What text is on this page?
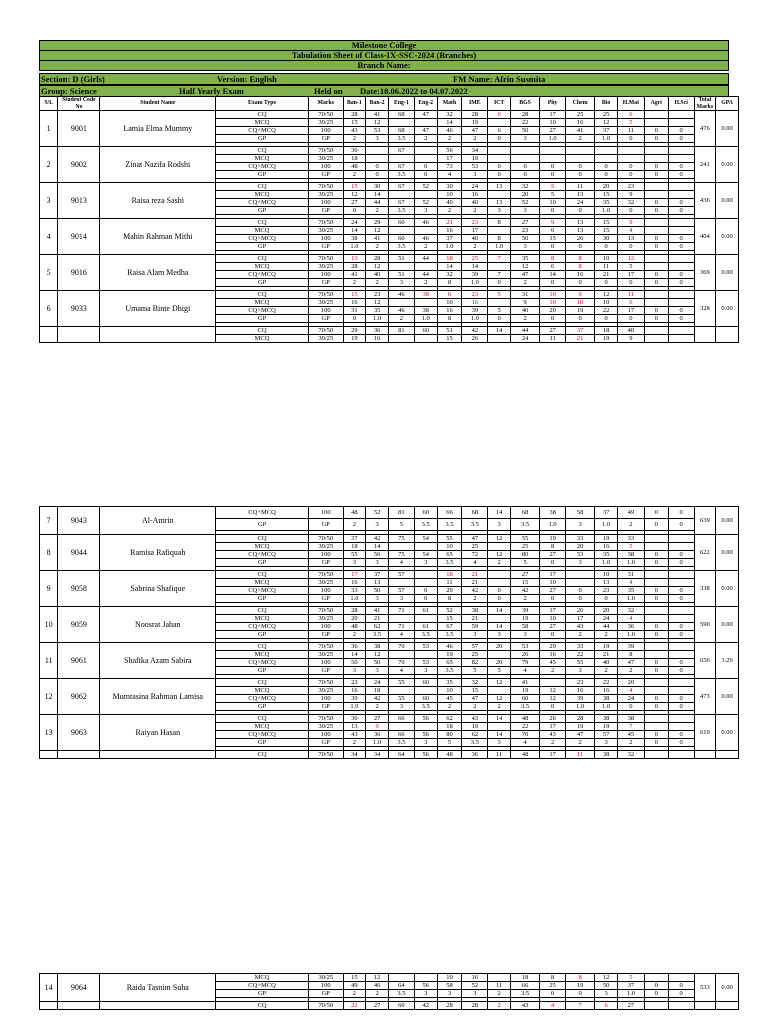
Milestone College
Tabulation Sheet of Class-IX-SSC-2024 (Branches)
Branch Name:
Section: D (Girls)	Version: English	FM Name: Afrin Susmita
Group: Science	Half Yearly Exam	Held on	Date:18.06.2022 to 04.07.2022
S/L	Student Code No	Student Name	Exam Type	Marks	Ban-1	Ban-2	Eng-1	Eng-2	Math	IME	ICT	BGS	Phy	Chem	Bio	H.Mat	Agri	H.Sci	Total Marks	GPA
1	9001	Lamia Elma Mummy	CQ	70/50	28	41	68	47	32	28	6	28	17	25	25	6			476	0.00
			MCQ	30/25	15	12			14	19		22	10	16	12	5				
			CQ+MCQ	100	43	53	68	47	46	47	6	50	27	41	37	11	0	0		
			GP	GP	2	3	3.5	2	2	2	0	3	1.0	2	1.0	0	0	0		

2	9002	Zinat Nazifa Rodshi	CQ	70/50	30		67		56	34									241	0.00
			MCQ	30/25	18				17	19										
			CQ+MCQ	100	48	0	67	0	73	53	0	0	0	0	0	0	0	0		
			GP	GP	2	0	3.5	0	4	3	0	0	0	0	0	0	0	0		

3	9013	Raisa reza Sashi	CQ	70/50	15	30	67	52	30	24	13	32	5	11	20	23			436	0.00
			MCQ	30/25	12	14			10	16		20	5	13	15	9				
			CQ+MCQ	100	27	44	67	52	40	40	13	52	10	24	35	32	0	0		
			GP	GP	0	2	3.5	3	2	2	3	3	0	0	1.0	0	0	0		

4	9014	Mahin Rahman Mithi	CQ	70/50	24	29	60	46	21	23	8	27	9	13	15	9			404	0.00
			MCQ	30/25	14	12			16	17		23	6	13	15	4				
			CQ+MCQ	100	38	41	60	46	37	40	8	50	15	26	30	13	0	0		
			GP	GP	1.0	2	3.5	2	1.0	2	1.0	3	0	0	0	0	0	0		

5	9016	Raisa Alam Medha	CQ	70/50	13	28	51	44	18	25	7	35	8	8	10	12			369	0.00
			MCQ	30/25	28	12			14	14		12	6	8	11	5				
			CQ+MCQ	100	41	40	51	44	32	39	7	47	14	16	21	17	0	0		
			GP	GP	2	2	3	2	8	1.0	0	2	0	0	0	0	0	0		

6	9033	Umama Binte Dhigi	CQ	70/50	15	23	46	38	6	23	5	31	10	9	12	11			328	0.00
			MCQ	30/25	16	12			10	16		9	10	10	10	6				
			CQ+MCQ	100	31	35	46	38	16	39	5	40	20	19	22	17	0	0		
			GP	GP	0	1.0	2	1.0	8	1.0	0	2	0	0	0	0	0	0		

			CQ	70/50	29	36	81	60	51	42	14	44	27	37	18	40				
			MCQ	30/25	19	16			15	26		24	11	21	19	9				
7	9043	Al-Amrin	CQ+MCQ	100	48	52	81	60	66	68	14	68	38	58	37	49	0	0	639	0.00
			GP	GP	2	3	5	3.5	3.5	3.5	3	3.5	1.0	3	1.0	2	0	0		

8	9044	Ramisa Rafiquah	CQ	70/50	37	42	75	54	55	47	12	55	19	33	19	33			622	0.00
			MCQ	30/25	18	14			10	25		25	8	20	16	5				
			CQ+MCQ	100	55	56	75	54	65	72	12	80	27	53	35	38	0	0		
			GP	GP	3	3	4	3	3.5	4	2	5	0	3	1.0	1.0	0	0		

9	9058	Sabrina Shafique	CQ	70/50	17	37	57		18	21		27	17		10	31			338	0.00
			MCQ	30/25	16	13			11	21		15	10		13	4				
			CQ+MCQ	100	33	50	57	0	29	42	0	42	27	0	23	35	0	0		
			GP	GP	1.0	3	3	0	8	2	0	2	0	0	0	1.0	0	0		

10	9059	Noosrat Jahan	CQ	70/50	28	41	71	61	52	38	14	39	17	26	20	32			590	0.00
			MCQ	30/25	20	21			15	21		19	10	17	24	4				
			CQ+MCQ	100	48	62	71	61	67	59	14	58	27	43	44	36	0	0		
			GP	GP	2	3.5	4	3.5	3.5	3	3	3	0	2	2	1.0	0	0		

11	9061	Shafika Azam Sabira	CQ	70/50	36	38	70	53	46	57	20	53	29	33	19	39			656	3.29
			MCQ	30/25	14	12			19	25		26	16	22	21	8				
			CQ+MCQ	100	50	50	70	53	65	82	20	79	45	55	40	47	0	0		
			GP	GP	3	3	4	3	3.5	5	5	4	2	3	2	2	0	0		

12	9062	Mumtasina Rahman Lamisa	CQ	70/50	23	24	55	60	35	32	12	41		23	22	20			473	0.00
			MCQ	30/25	16	18			10	15		19	12	16	16	4				
			CQ+MCQ	100	39	42	55	60	45	47	12	60	12	39	38	24	0	0		
			GP	GP	1.0	2	3	3.5	2	2	2	3.5	0	1.0	1.0	0	0	0		

13	9063	Raiyan Hasan	CQ	70/50	30	27	66	56	62	43	14	48	26	28	38	38			619	0.00
			MCQ	30/25	13	9			18	19		22	17	19	19	7				
			CQ+MCQ	100	43	36	66	56	80	62	14	70	43	47	57	45	0	0		
			GP	GP	2	1.0	3.5	3	5	3.5	3	4	2	2	3	2	0	0		

			CQ	70/50	34	34	64	56	48	36	11	48	17	11	38	32				
14	9064	Raida Tasnim Suha	MCQ	30/25	15	12			10	16		18	8	8	12	5			533	0.00
			CQ+MCQ	100	49	46	64	56	58	52	11	66	25	19	50	37	0	0		
			GP	GP	2	2	3.5	3	3	3	2	3.5	0	0	3	1.0	0	0		

			CQ	70/50	22	27	60	42	28	28	2	43	4	7	6	27				
